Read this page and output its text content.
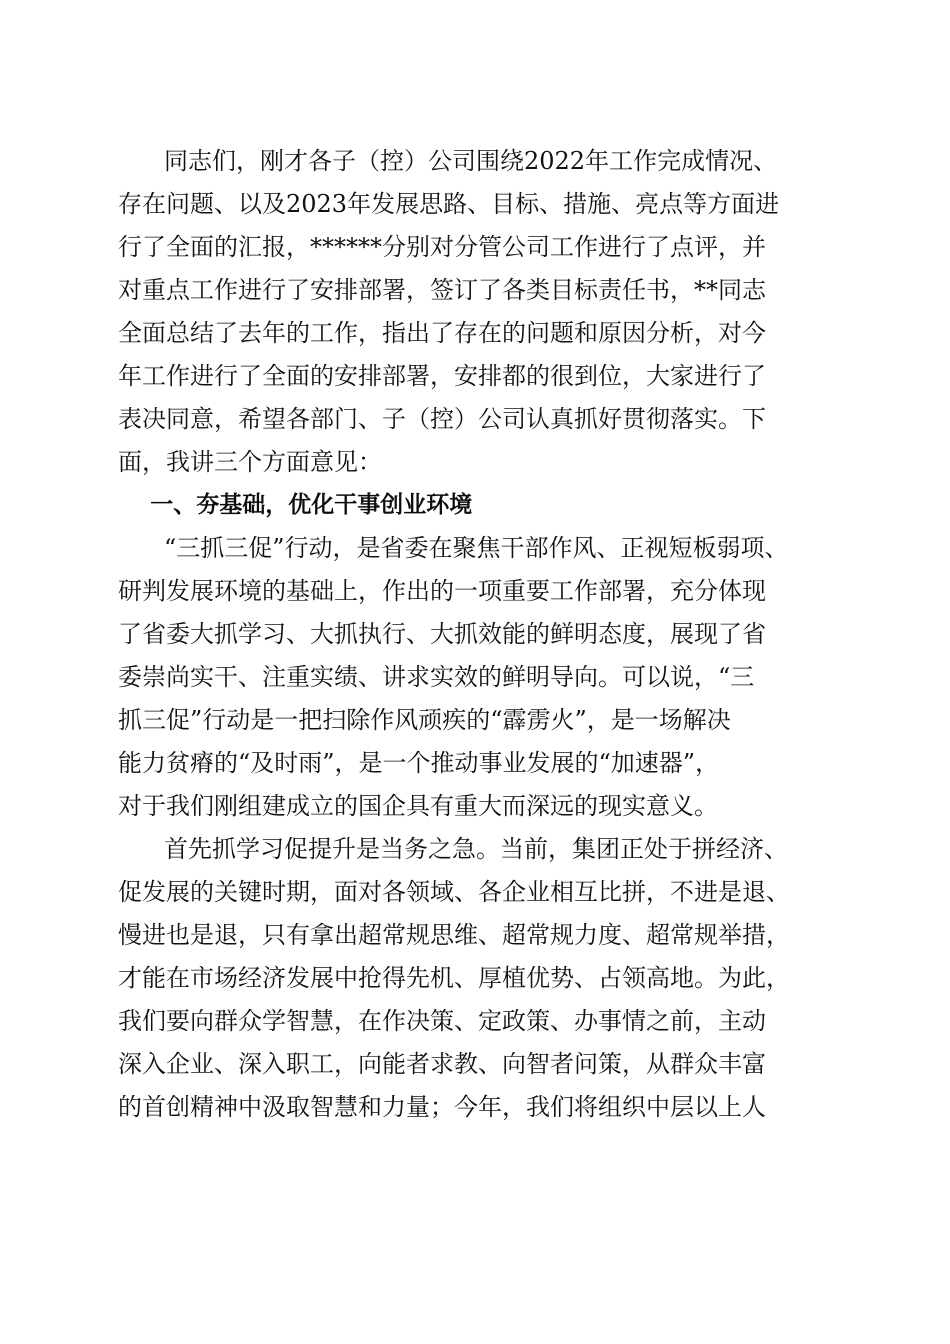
同志们，刚才各子（控）公司围绕2022年工作完成情况、
存在问题、以及2023年发展思路、目标、措施、亮点等方面进
行了全面的汇报，******分别对分管公司工作进行了点评，并
对重点工作进行了安排部署，签订了各类目标责任书，**同志
全面总结了去年的工作，指出了存在的问题和原因分析，对今
年工作进行了全面的安排部署，安排都的很到位，大家进行了
表决同意，希望各部门、子（控）公司认真抓好贯彻落实。下
面，我讲三个方面意见：
一、夯基础，优化干事创业环境
“三抓三促”行动，是省委在聚焦干部作风、正视短板弱项、
研判发展环境的基础上，作出的一项重要工作部署，充分体现
了省委大抓学习、大抓执行、大抓效能的鲜明态度，展现了省
委崇尚实干、注重实绩、讲求实效的鲜明导向。可以说，“三
抓三促”行动是一把扫除作风顽疾的“霹雳火”，是一场解决
能力贫瘠的“及时雨”，是一个推动事业发展的“加速器”，
对于我们刚组建成立的国企具有重大而深远的现实意义。
首先抓学习促提升是当务之急。当前，集团正处于拼经济、
促发展的关键时期，面对各领域、各企业相互比拼，不进是退、
慢进也是退，只有拿出超常规思维、超常规力度、超常规举措，
才能在市场经济发展中抢得先机、厚植优势、占领高地。为此，
我们要向群众学智慧，在作决策、定政策、办事情之前，主动
深入企业、深入职工，向能者求教、向智者问策，从群众丰富
的首创精神中汲取智慧和力量；今年，我们将组织中层以上人
